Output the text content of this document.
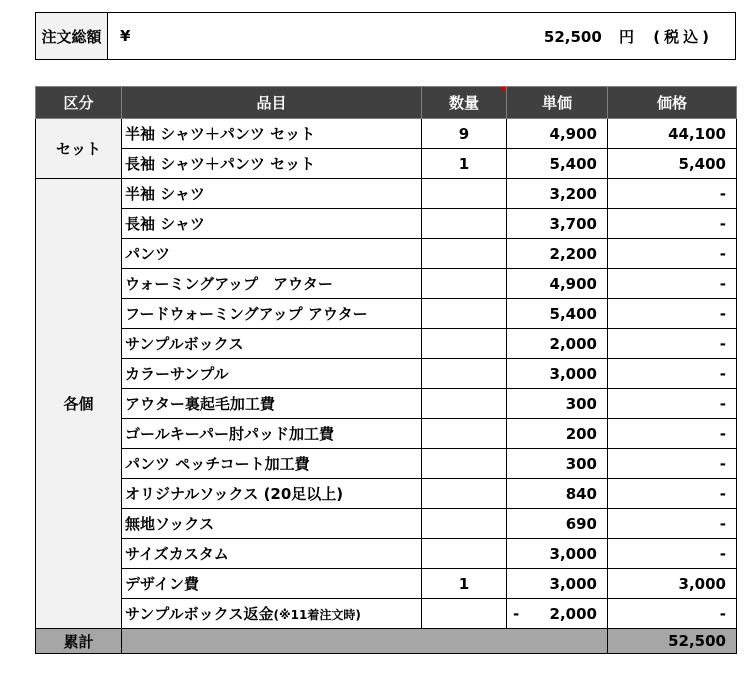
注文総額	¥	52,500 円 (税込)
区分	品目	数量	単価	価格
セット	半袖 シャツ＋パンツ セット	9	4,900	44,100
	長袖 シャツ＋パンツ セット	1	5,400	5,400
各個	半袖 シャツ		3,200	-
	長袖 シャツ		3,700	-
	パンツ		2,200	-
	ウォーミングアップ　アウター		4,900	-
	フードウォーミングアップ アウター		5,400	-
	サンプルボックス		2,000	-
	カラーサンプル		3,000	-
	アウター裏起毛加工費		300	-
	ゴールキーパー肘パッド加工費		200	-
	パンツ ペッチコート加工費		300	-
	オリジナルソックス (20足以上)		840	-
	無地ソックス		690	-
	サイズカスタム		3,000	-
	デザイン費	1	3,000	3,000
	サンプルボックス返金(※11着注文時)		- 2,000	-
累計				52,500
